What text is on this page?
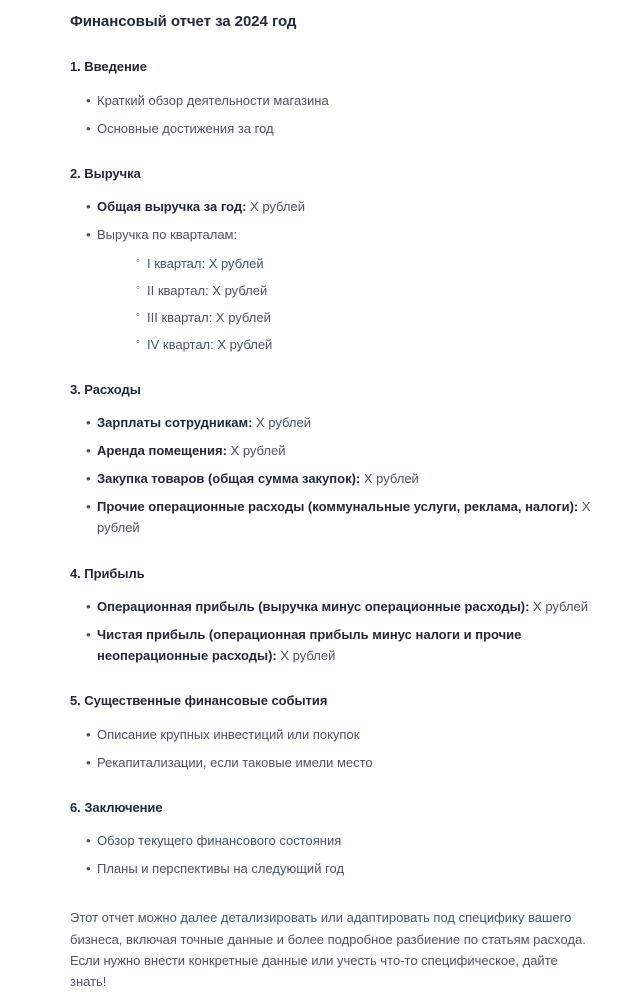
Финансовый отчет за 2024 год
1. Введение
• Краткий обзор деятельности магазина
• Основные достижения за год
2. Выручка
• Общая выручка за год: X рублей
• Выручка по кварталам:
◦ I квартал: X рублей
◦ II квартал: X рублей
◦ III квартал: X рублей
◦ IV квартал: X рублей
3. Расходы
• Зарплаты сотрудникам: X рублей
• Аренда помещения: X рублей
• Закупка товаров (общая сумма закупок): X рублей
• Прочие операционные расходы (коммунальные услуги, реклама, налоги): X рублей
4. Прибыль
• Операционная прибыль (выручка минус операционные расходы): X рублей
• Чистая прибыль (операционная прибыль минус налоги и прочие неоперационные расходы): X рублей
5. Существенные финансовые события
• Описание крупных инвестиций или покупок
• Рекапитализации, если таковые имели место
6. Заключение
• Обзор текущего финансового состояния
• Планы и перспективы на следующий год

Этот отчет можно далее детализировать или адаптировать под специфику вашего бизнеса, включая точные данные и более подробное разбиение по статьям расхода. Если нужно внести конкретные данные или учесть что-то специфическое, дайте знать!
